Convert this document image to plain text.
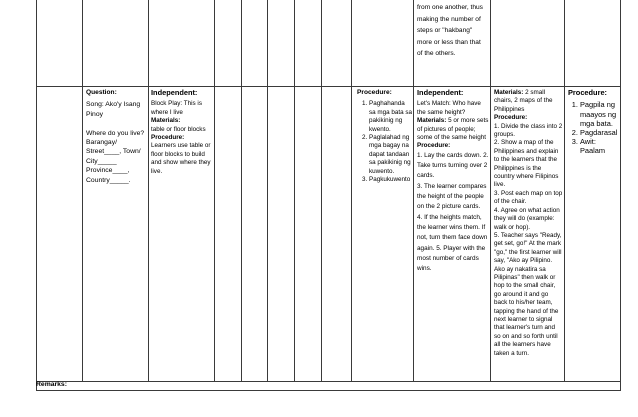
Question:

Song: Ako'y Isang Pinoy

Where do you live? Barangay/ Street____, Town/ City_____ Province____, Country_____.

Independent:

Block Play: This is where I live

Materials:

table or floor blocks

Procedure:

Learners use table or floor blocks to build and show where they live.

Procedure:
1. Paghahanda sa mga bata sa pakikinig ng kwento.
2. Paglalahad ng mga bagay na dapat tandaan sa pakikinig ng kuwento.
3. Pagkukuwento

from one another, thus making the number of steps or "hakbang" more or less than that of the others.

Independent:

Let's Match: Who have the same height?

Materials: 5 or more sets of pictures of people; some of the same height

Procedure:

1. Lay the cards down. 2. Take turns turning over 2 cards.
3. The learner compares the height of the people on the 2 picture cards.
4. If the heights match, the learner wins them. If not, turn them face down again. 5. Player with the most number of cards wins.

Materials: 2 small chairs, 2 maps of the Philippines

Procedure:

1. Divide the class into 2 groups.
2. Show a map of the Philippines and explain to the learners that the Philippines is the country where Filipinos live.
3. Post each map on top of the chair.
4. Agree on what action they will do (example: walk or hop).
5. Teacher says "Ready, get set, go!" At the mark "go," the first learner will say, "Ako ay Pilipino. Ako ay nakatira sa Pilipinas" then walk or hop to the small chair, go around it and go back to his/her team, tapping the hand of the next learner to signal that learner's turn and so on and so forth until all the learners have taken a turn.

Procedure:
1. Pagpila ng maayos ng mga bata.
2. Pagdarasal
3. Awit: Paalam
Remarks:
